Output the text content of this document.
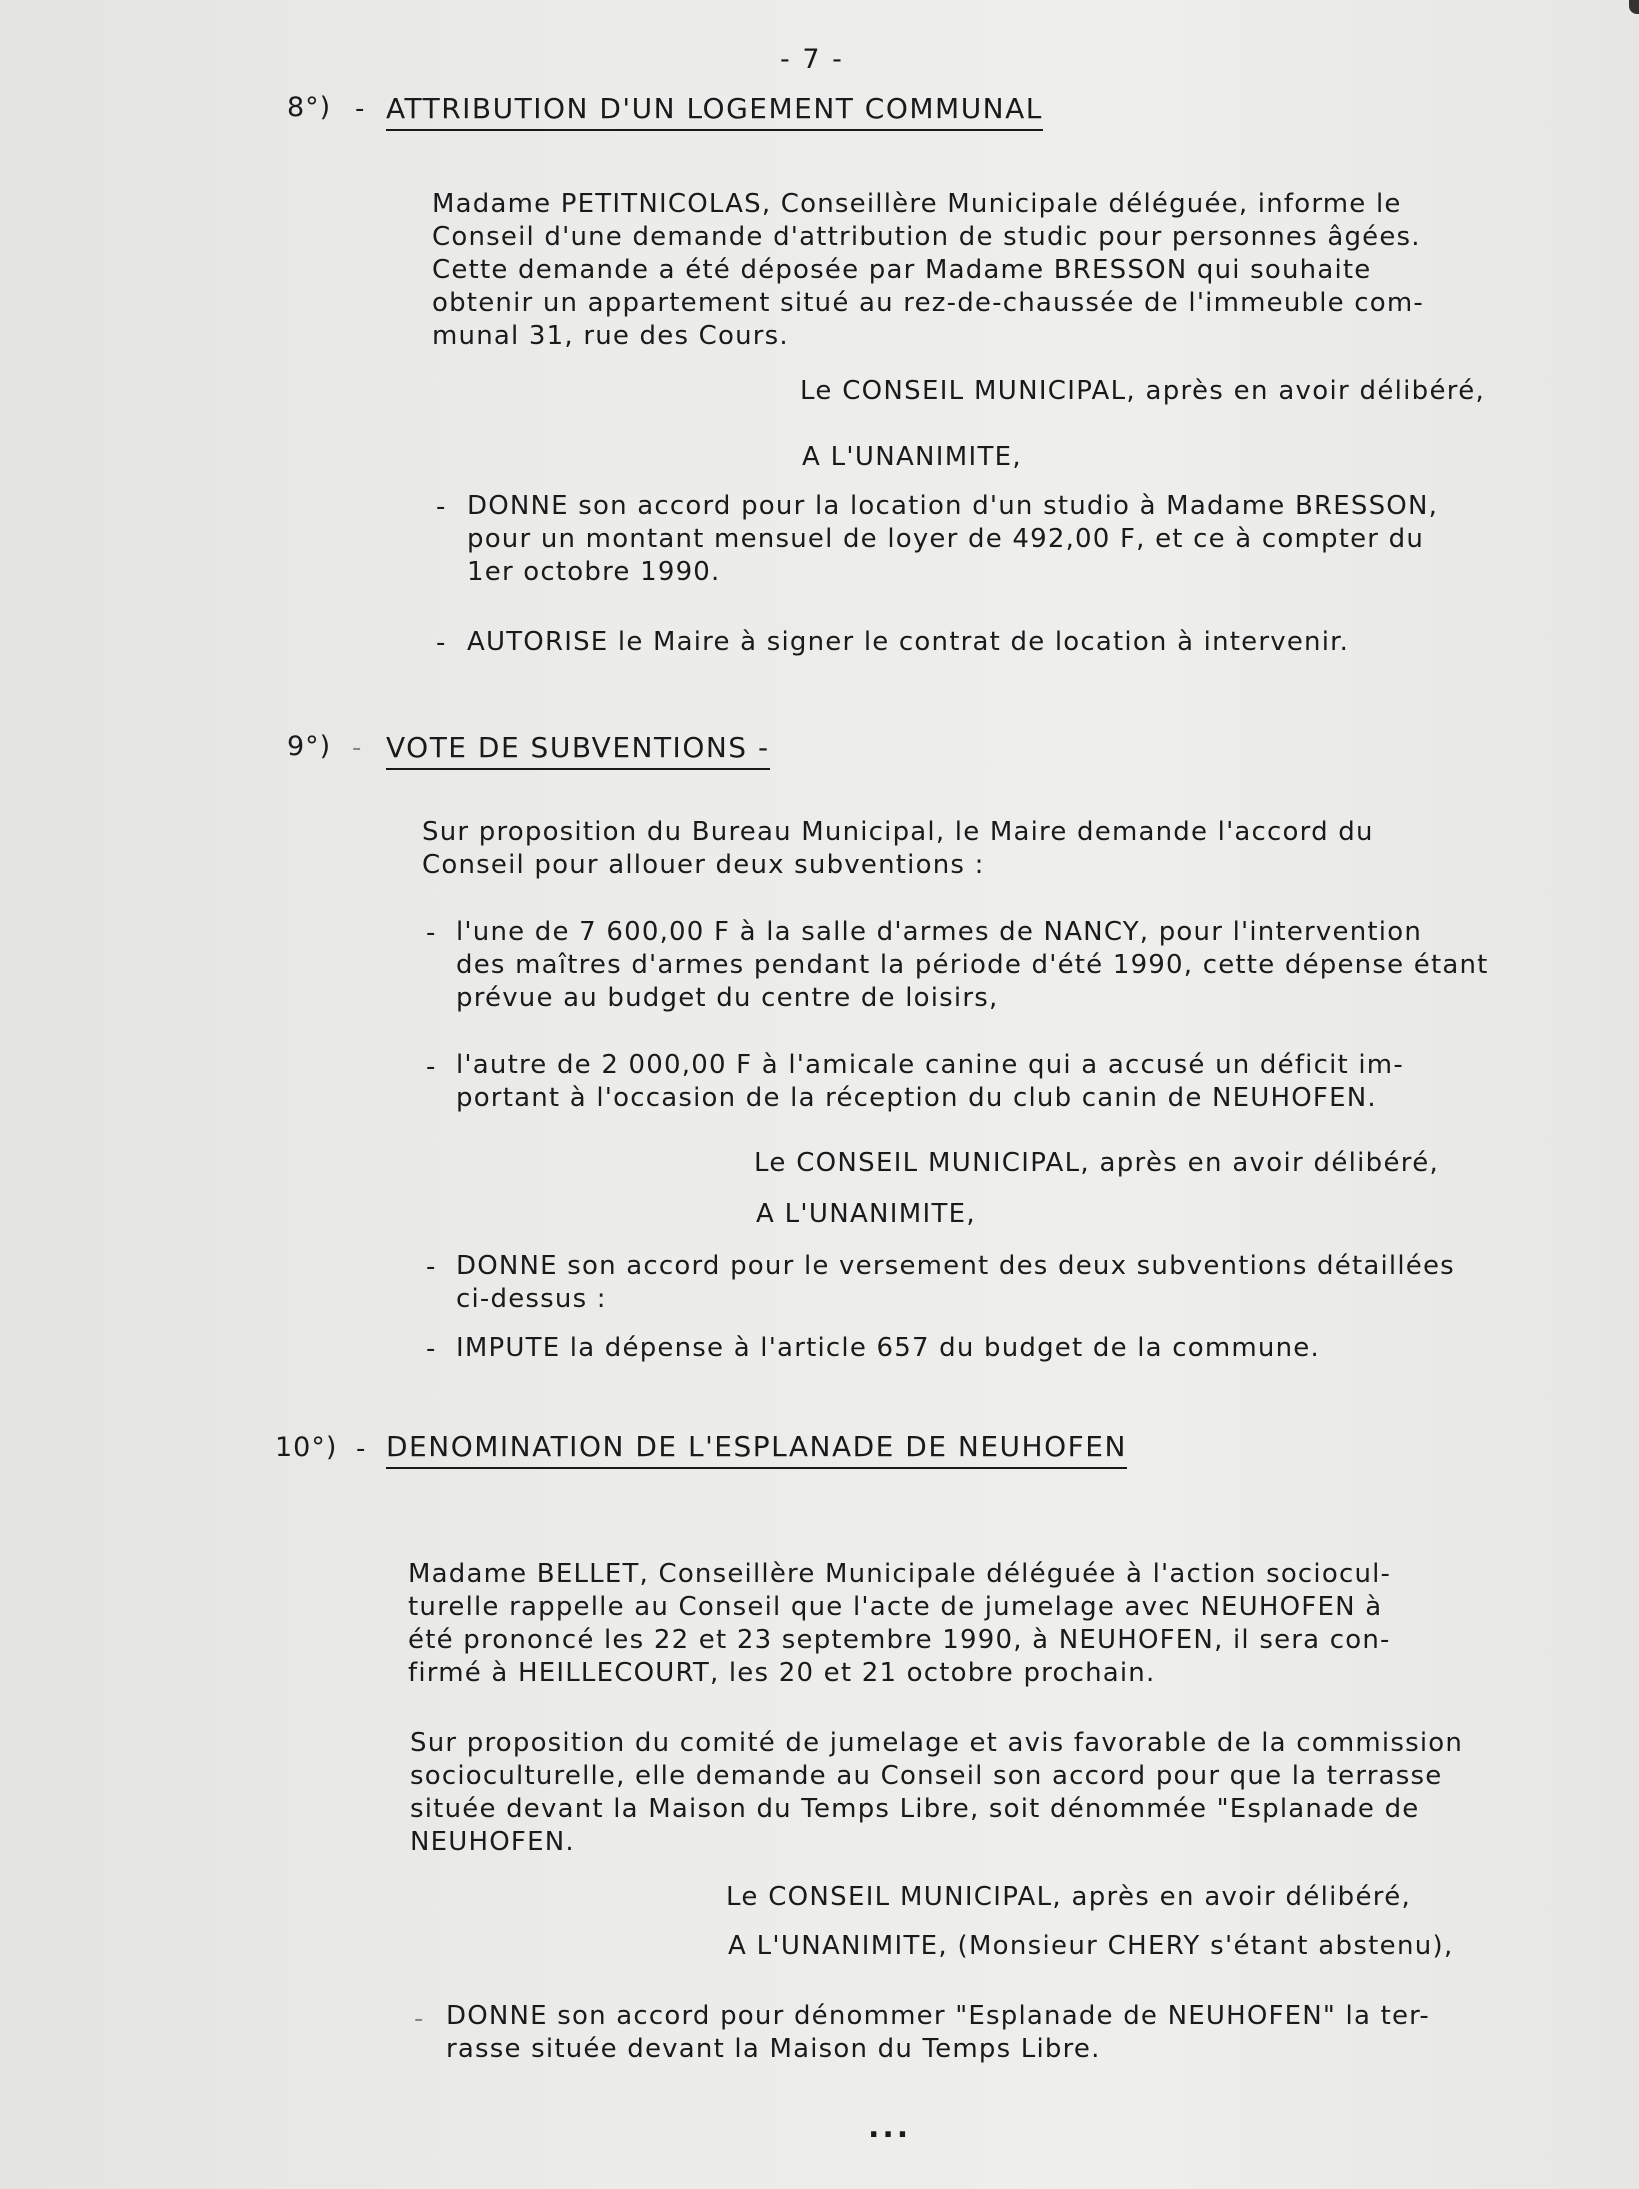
- 7 -
8°) - ATTRIBUTION D'UN LOGEMENT COMMUNAL
Madame PETITNICOLAS, Conseillère Municipale déléguée, informe le
Conseil d'une demande d'attribution de studic pour personnes âgées.
Cette demande a été déposée par Madame BRESSON qui souhaite
obtenir un appartement situé au rez-de-chaussée de l'immeuble com-
munal 31, rue des Cours.
Le CONSEIL MUNICIPAL, après en avoir délibéré,
A L'UNANIMITE,
- DONNE son accord pour la location d'un studio à Madame BRESSON,
pour un montant mensuel de loyer de 492,00 F, et ce à compter du
1er octobre 1990.
- AUTORISE le Maire à signer le contrat de location à intervenir.
9°) - VOTE DE SUBVENTIONS -
Sur proposition du Bureau Municipal, le Maire demande l'accord du
Conseil pour allouer deux subventions :
- l'une de 7 600,00 F à la salle d'armes de NANCY, pour l'intervention
des maîtres d'armes pendant la période d'été 1990, cette dépense étant
prévue au budget du centre de loisirs,
- l'autre de 2 000,00 F à l'amicale canine qui a accusé un déficit im-
portant à l'occasion de la réception du club canin de NEUHOFEN.
Le CONSEIL MUNICIPAL, après en avoir délibéré,
A L'UNANIMITE,
- DONNE son accord pour le versement des deux subventions détaillées
ci-dessus :
- IMPUTE la dépense à l'article 657 du budget de la commune.
10°) - DENOMINATION DE L'ESPLANADE DE NEUHOFEN
Madame BELLET, Conseillère Municipale déléguée à l'action sociocul-
turelle rappelle au Conseil que l'acte de jumelage avec NEUHOFEN à
été prononcé les 22 et 23 septembre 1990, à NEUHOFEN, il sera con-
firmé à HEILLECOURT, les 20 et 21 octobre prochain.
Sur proposition du comité de jumelage et avis favorable de la commission
socioculturelle, elle demande au Conseil son accord pour que la terrasse
située devant la Maison du Temps Libre, soit dénommée "Esplanade de
NEUHOFEN.
Le CONSEIL MUNICIPAL, après en avoir délibéré,
A L'UNANIMITE, (Monsieur CHERY s'étant abstenu),
- DONNE son accord pour dénommer "Esplanade de NEUHOFEN" la ter-
rasse située devant la Maison du Temps Libre.
...
